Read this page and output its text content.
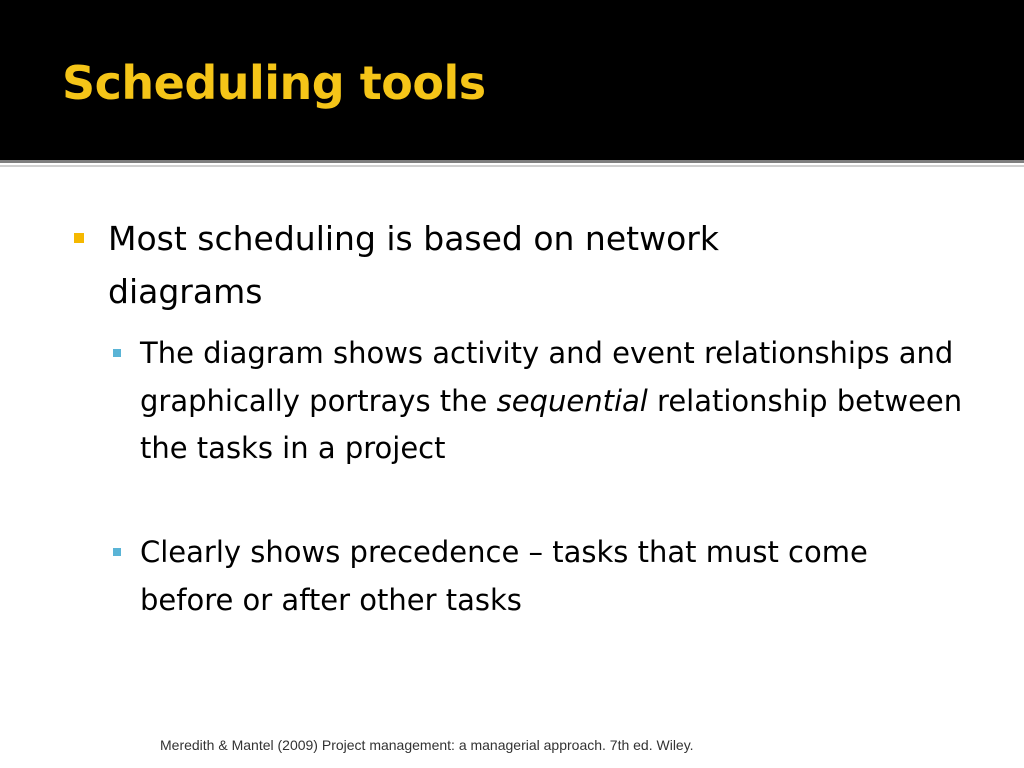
Scheduling tools
Most scheduling is based on network diagrams
The diagram shows activity and event relationships and graphically portrays the sequential relationship between the tasks in a project
Clearly shows precedence – tasks that must come before or after other tasks
Meredith & Mantel (2009) Project management: a managerial approach. 7th ed. Wiley.
